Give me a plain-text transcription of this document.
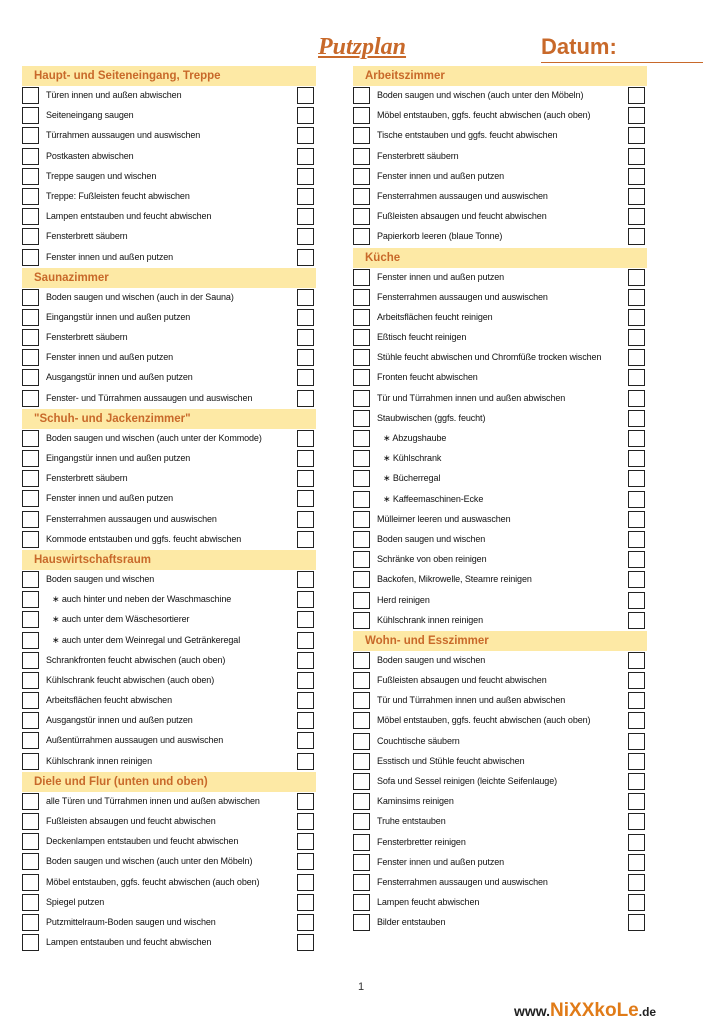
Putzplan	Datum:
Haupt- und Seiteneingang, Treppe
Türen innen und außen abwischen
Seiteneingang saugen
Türrahmen aussaugen und auswischen
Postkasten abwischen
Treppe saugen und wischen
Treppe: Fußleisten feucht abwischen
Lampen entstauben und feucht abwischen
Fensterbrett säubern
Fenster innen und außen putzen
Saunazimmer
Boden saugen und wischen (auch in der Sauna)
Eingangstür innen und außen putzen
Fensterbrett säubern
Fenster innen und außen putzen
Ausgangstür innen und außen putzen
Fenster- und Türrahmen aussaugen und auswischen
"Schuh- und Jackenzimmer"
Boden saugen und wischen (auch unter der Kommode)
Eingangstür innen und außen putzen
Fensterbrett säubern
Fenster innen und außen putzen
Fensterrahmen aussaugen und auswischen
Kommode entstauben und ggfs. feucht abwischen
Hauswirtschaftsraum
Boden saugen und wischen
∗ auch hinter und neben der Waschmaschine
∗ auch unter dem Wäschesortierer
∗ auch unter dem Weinregal und Getränkeregal
Schrankfronten feucht abwischen (auch oben)
Kühlschrank feucht abwischen (auch oben)
Arbeitsflächen feucht abwischen
Ausgangstür innen und außen putzen
Außentürrahmen aussaugen und auswischen
Kühlschrank innen reinigen
Diele und Flur (unten und oben)
alle Türen und Türrahmen innen und außen abwischen
Fußleisten absaugen und feucht abwischen
Deckenlampen entstauben und feucht abwischen
Boden saugen und wischen (auch unter den Möbeln)
Möbel entstauben, ggfs. feucht abwischen (auch oben)
Spiegel putzen
Putzmittelraum-Boden saugen und wischen
Lampen entstauben und feucht abwischen
Arbeitszimmer
Boden saugen und wischen (auch unter den Möbeln)
Möbel entstauben, ggfs. feucht abwischen (auch oben)
Tische entstauben und ggfs. feucht abwischen
Fensterbrett säubern
Fenster innen und außen putzen
Fensterrahmen aussaugen und auswischen
Fußleisten absaugen und feucht abwischen
Papierkorb leeren (blaue Tonne)
Küche
Fenster innen und außen putzen
Fensterrahmen aussaugen und auswischen
Arbeitsflächen feucht reinigen
Eßtisch feucht reinigen
Stühle feucht abwischen und Chromfüße trocken wischen
Fronten feucht abwischen
Tür und Türrahmen innen und außen abwischen
Staubwischen (ggfs. feucht)
∗ Abzugshaube
∗ Kühlschrank
∗ Bücherregal
∗ Kaffeemaschinen-Ecke
Mülleimer leeren und auswaschen
Boden saugen und wischen
Schränke von oben reinigen
Backofen, Mikrowelle, Steamre reinigen
Herd reinigen
Kühlschrank innen reinigen
Wohn- und Esszimmer
Boden saugen und wischen
Fußleisten absaugen und feucht abwischen
Tür und Türrahmen innen und außen abwischen
Möbel entstauben, ggfs. feucht abwischen (auch oben)
Couchtische säubern
Esstisch und Stühle feucht abwischen
Sofa und Sessel reinigen (leichte Seifenlauge)
Kaminsims reinigen
Truhe entstauben
Fensterbretter reinigen
Fenster innen und außen putzen
Fensterrahmen aussaugen und auswischen
Lampen feucht abwischen
Bilder entstauben
1
www.NiXXkoLe.de
